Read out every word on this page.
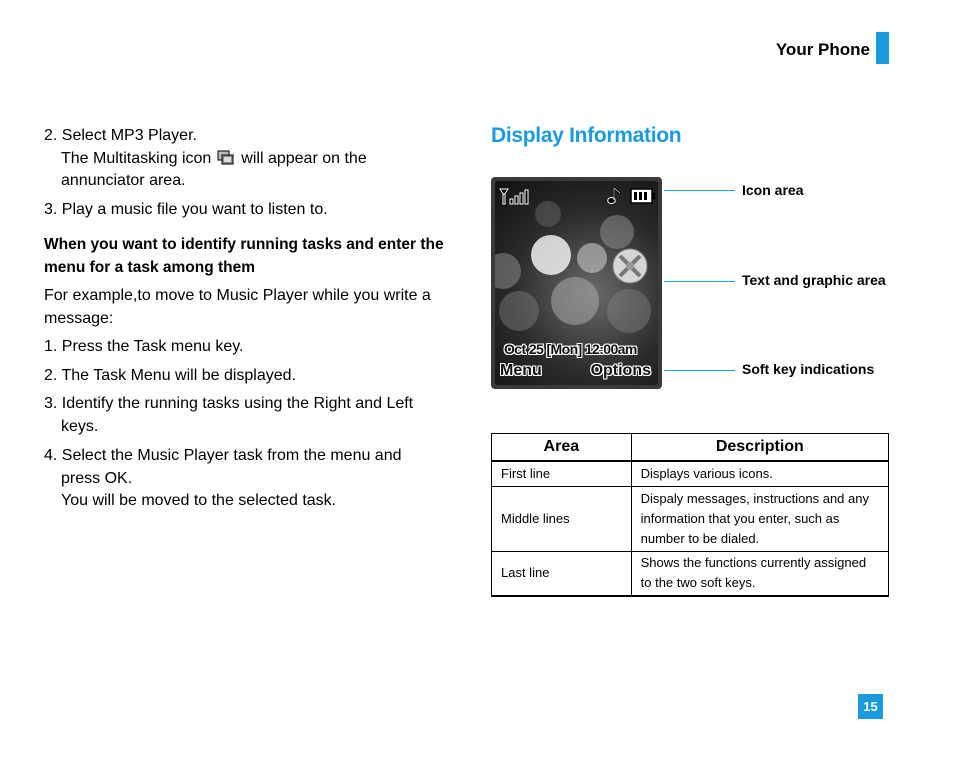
Your Phone

2. Select MP3 Player.

The Multitasking icon will appear on the

annunciator area.

3. Play a music file you want to listen to.
When you want to identify running tasks and enter the menu for a task among them
For example,to move to Music Player while you write a message:
1. Press the Task menu key.
2. The Task Menu will be displayed.
3. Identify the running tasks using the Right and Left keys.
4. Select the Music Player task from the menu and press OK.
You will be moved to the selected task.
Display Information
Oct 25 [Mon] 12:00am
Menu	Options
Icon area
Text and graphic area
Soft key indications
Area	Description
First line	Displays various icons.
Middle lines	Dispaly messages, instructions and any information that you enter, such as number to be dialed.
Last line	Shows the functions currently assigned to the two soft keys.
15
